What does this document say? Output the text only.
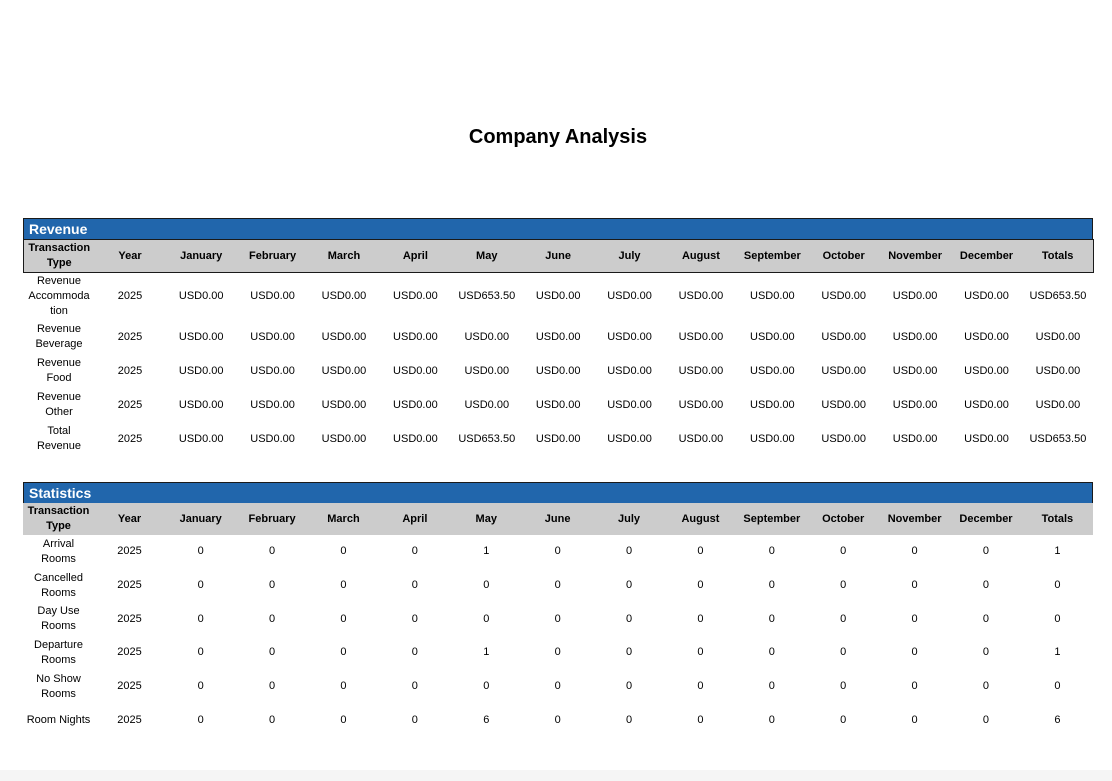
Company Analysis
Revenue
Transaction Type	Year	January	February	March	April	May	June	July	August	September	October	November	December	Totals
Revenue Accommoda tion	2025	USD0.00	USD0.00	USD0.00	USD0.00	USD653.50	USD0.00	USD0.00	USD0.00	USD0.00	USD0.00	USD0.00	USD0.00	USD653.50
Revenue Beverage	2025	USD0.00	USD0.00	USD0.00	USD0.00	USD0.00	USD0.00	USD0.00	USD0.00	USD0.00	USD0.00	USD0.00	USD0.00	USD0.00
Revenue Food	2025	USD0.00	USD0.00	USD0.00	USD0.00	USD0.00	USD0.00	USD0.00	USD0.00	USD0.00	USD0.00	USD0.00	USD0.00	USD0.00
Revenue Other	2025	USD0.00	USD0.00	USD0.00	USD0.00	USD0.00	USD0.00	USD0.00	USD0.00	USD0.00	USD0.00	USD0.00	USD0.00	USD0.00
Total Revenue	2025	USD0.00	USD0.00	USD0.00	USD0.00	USD653.50	USD0.00	USD0.00	USD0.00	USD0.00	USD0.00	USD0.00	USD0.00	USD653.50
Statistics
Transaction Type	Year	January	February	March	April	May	June	July	August	September	October	November	December	Totals
Arrival Rooms	2025	0	0	0	0	1	0	0	0	0	0	0	0	1
Cancelled Rooms	2025	0	0	0	0	0	0	0	0	0	0	0	0	0
Day Use Rooms	2025	0	0	0	0	0	0	0	0	0	0	0	0	0
Departure Rooms	2025	0	0	0	0	1	0	0	0	0	0	0	0	1
No Show Rooms	2025	0	0	0	0	0	0	0	0	0	0	0	0	0
Room Nights	2025	0	0	0	0	6	0	0	0	0	0	0	0	6
